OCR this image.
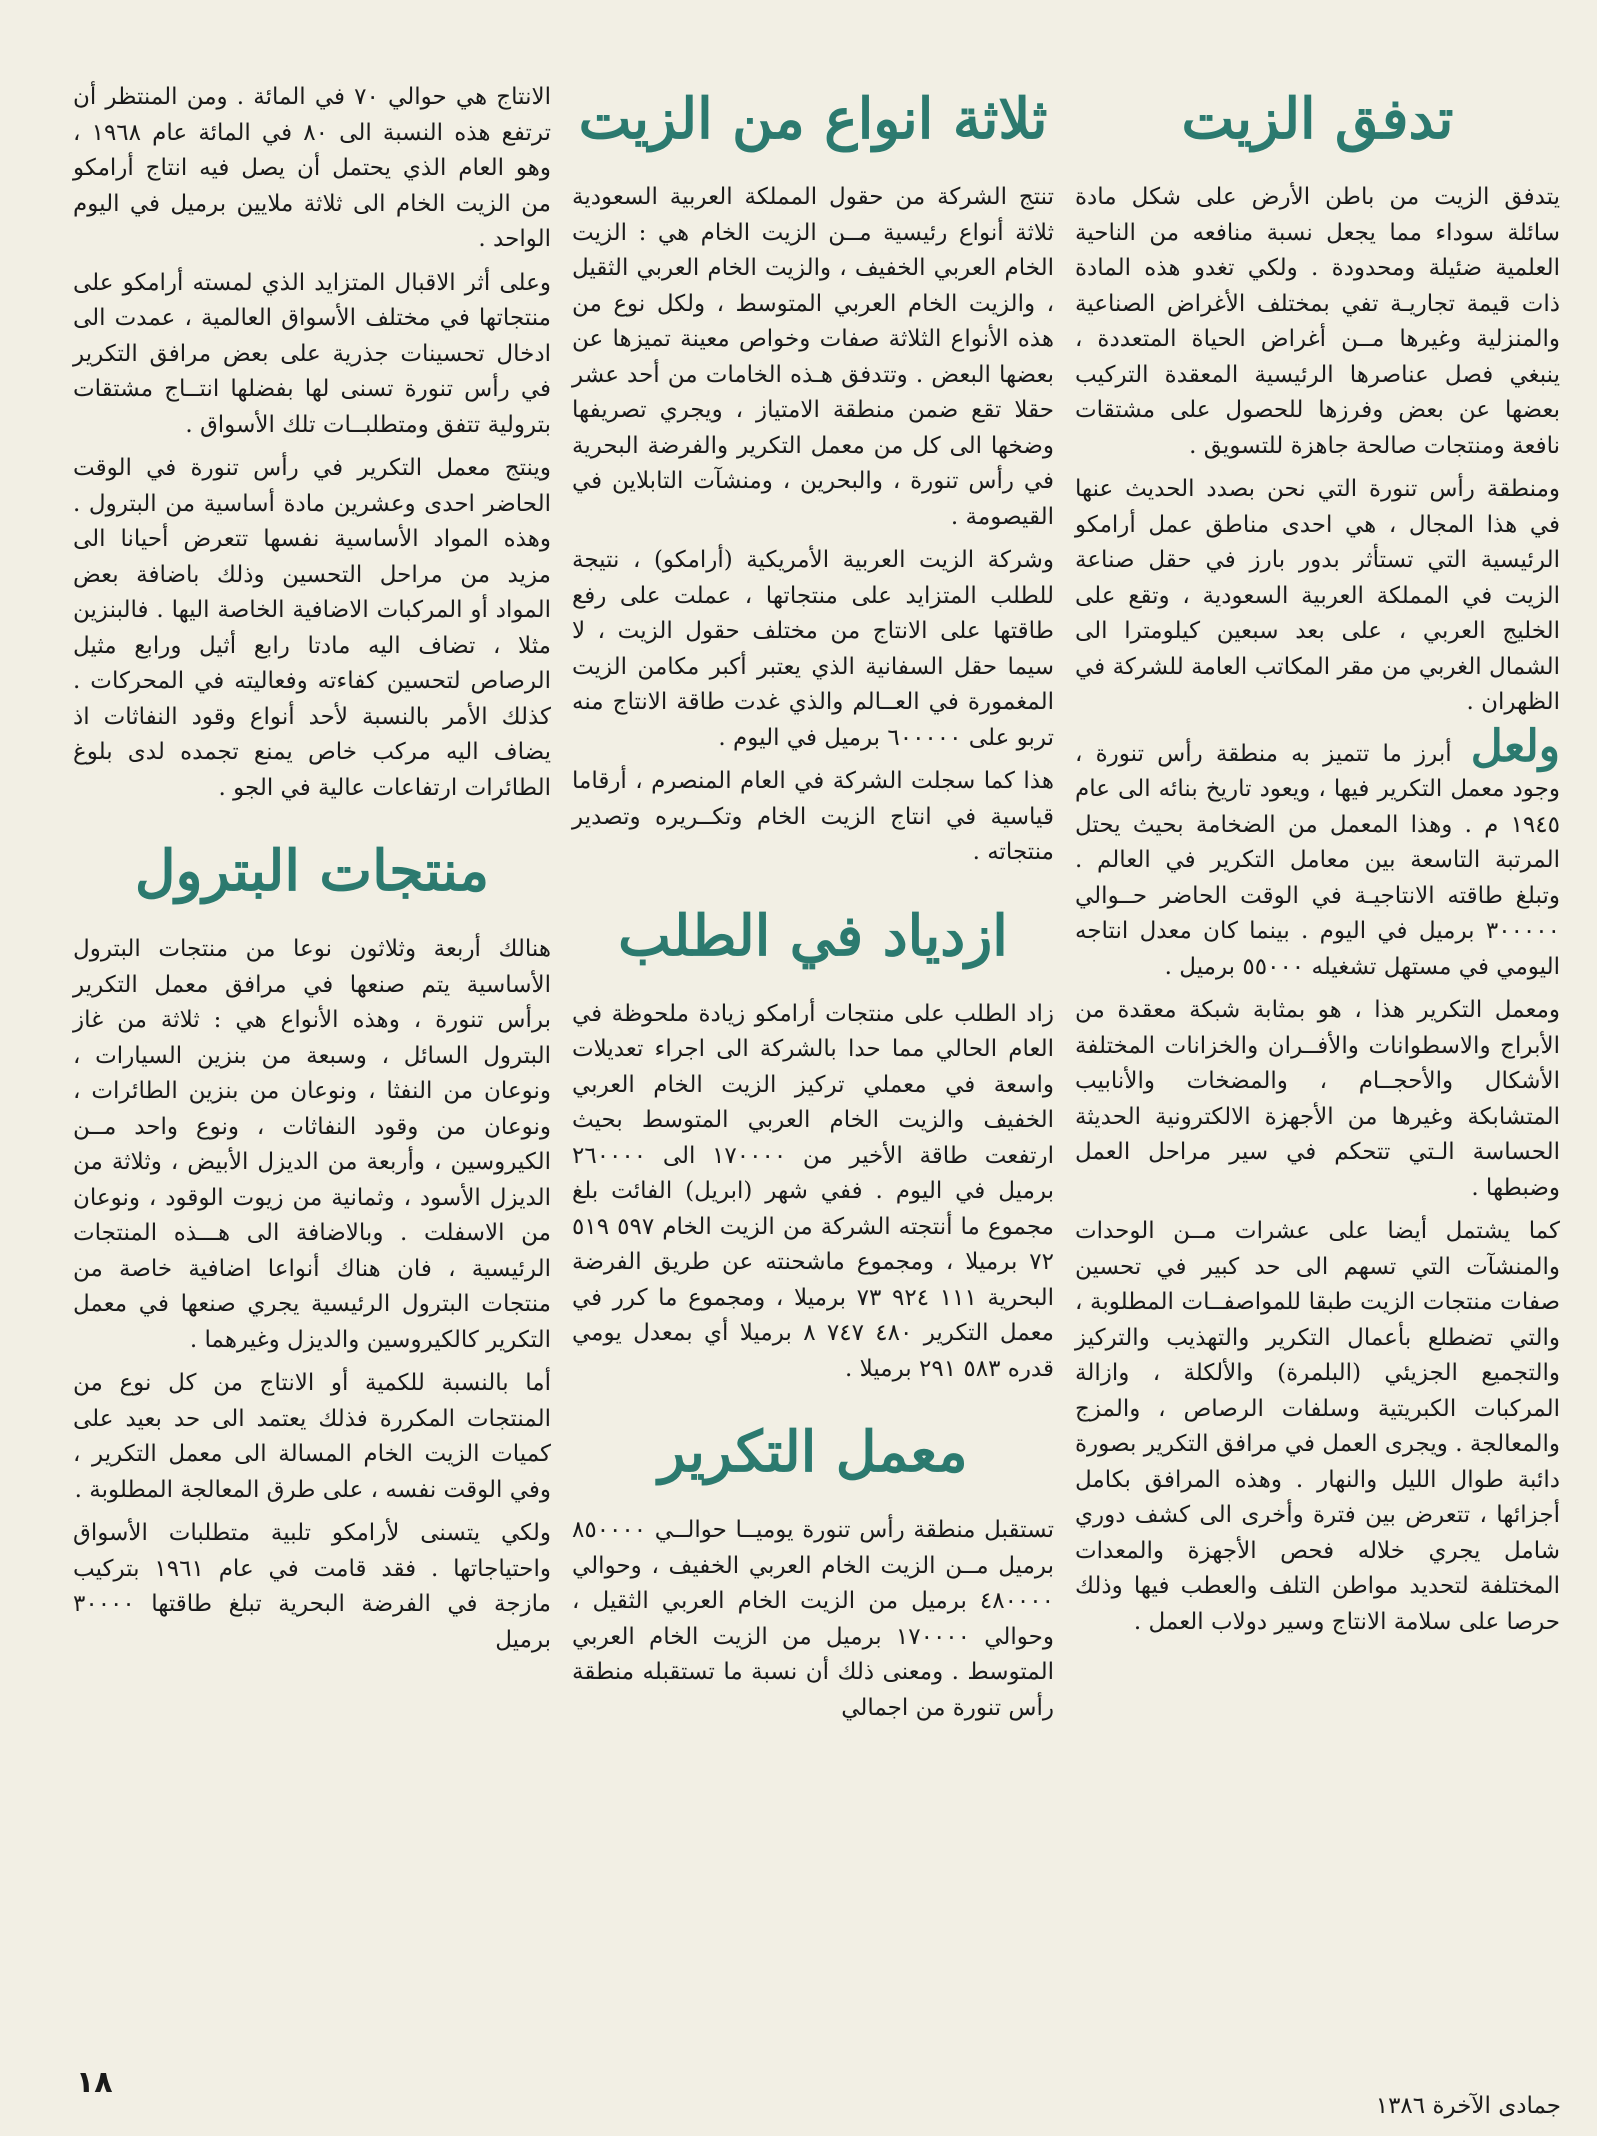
تدفق الزيت

يتدفق الزيت من باطن الأرض على شكل مادة سائلة سوداء مما يجعل نسبة منافعه من الناحية العلمية ضئيلة ومحدودة . ولكي تغدو هذه المادة ذات قيمة تجاريـة تفي بمختلف الأغراض الصناعية والمنزلية وغيرها مــن أغراض الحياة المتعددة ، ينبغي فصل عناصرها الرئيسية المعقدة التركيب بعضها عن بعض وفرزها للحصول على مشتقات نافعة ومنتجات صالحة جاهزة للتسويق .

ومنطقة رأس تنورة التي نحن بصدد الحديث عنها في هذا المجال ، هي احدى مناطق عمل أرامكو الرئيسية التي تستأثر بدور بارز في حقل صناعة الزيت في المملكة العربية السعودية ، وتقع على الخليج العربي ، على بعد سبعين كيلومترا الى الشمال الغربي من مقر المكاتب العامة للشركة في الظهران .

ولعل أبرز ما تتميز به منطقة رأس تنورة ، وجود معمل التكرير فيها ، ويعود تاريخ بنائه الى عام ١٩٤٥ م . وهذا المعمل من الضخامة بحيث يحتل المرتبة التاسعة بين معامل التكرير في العالم . وتبلغ طاقته الانتاجيـة في الوقت الحاضر حــوالي ٣٠٠٠٠٠ برميل في اليوم . بينما كان معدل انتاجه اليومي في مستهل تشغيله ٥٥٠٠٠ برميل .

ومعمل التكرير هذا ، هو بمثابة شبكة معقدة من الأبراج والاسطوانات والأفــران والخزانات المختلفة الأشكال والأحجــام ، والمضخات والأنابيب المتشابكة وغيرها من الأجهزة الالكترونية الحديثة الحساسة الـتي تتحكم في سير مراحل العمل وضبطها .

كما يشتمل أيضا على عشرات مــن الوحدات والمنشآت التي تسهم الى حد كبير في تحسين صفات منتجات الزيت طبقا للمواصفــات المطلوبة ، والتي تضطلع بأعمال التكرير والتهذيب والتركيز والتجميع الجزيئي (البلمرة) والألكلة ، وازالة المركبات الكبريتية وسلفات الرصاص ، والمزج والمعالجة . ويجرى العمل في مرافق التكرير بصورة دائبة طوال الليل والنهار . وهذه المرافق بكامل أجزائها ، تتعرض بين فترة وأخرى الى كشف دوري شامل يجري خلاله فحص الأجهزة والمعدات المختلفة لتحديد مواطن التلف والعطب فيها وذلك حرصا على سلامة الانتاج وسير دولاب العمل .

ثلاثة انواع من الزيت

تنتج الشركة من حقول المملكة العربية السعودية ثلاثة أنواع رئيسية مــن الزيت الخام هي : الزيت الخام العربي الخفيف ، والزيت الخام العربي الثقيل ، والزيت الخام العربي المتوسط ، ولكل نوع من هذه الأنواع الثلاثة صفات وخواص معينة تميزها عن بعضها البعض . وتتدفق هـذه الخامات من أحد عشر حقلا تقع ضمن منطقة الامتياز ، ويجري تصريفها وضخها الى كل من معمل التكرير والفرضة البحرية في رأس تنورة ، والبحرين ، ومنشآت التابلاين في القيصومة .

وشركة الزيت العربية الأمريكية (أرامكو) ، نتيجة للطلب المتزايد على منتجاتها ، عملت على رفع طاقتها على الانتاج من مختلف حقول الزيت ، لا سيما حقل السفانية الذي يعتبر أكبر مكامن الزيت المغمورة في العــالم والذي غدت طاقة الانتاج منه تربو على ٦٠٠٠٠٠ برميل في اليوم .

هذا كما سجلت الشركة في العام المنصرم ، أرقاما قياسية في انتاج الزيت الخام وتكــريره وتصدير منتجاته .

ازدياد في الطلب

زاد الطلب على منتجات أرامكو زيادة ملحوظة في العام الحالي مما حدا بالشركة الى اجراء تعديلات واسعة في معملي تركيز الزيت الخام العربي الخفيف والزيت الخام العربي المتوسط بحيث ارتفعت طاقة الأخير من ١٧٠٠٠٠ الى ٢٦٠٠٠٠ برميل في اليوم . ففي شهر (ابريل) الفائت بلغ مجموع ما أنتجته الشركة من الزيت الخام ٥٩٧ ٥١٩ ٧٢ برميلا ، ومجموع ماشحنته عن طريق الفرضة البحرية ١١١ ٩٢٤ ٧٣ برميلا ، ومجموع ما كرر في معمل التكرير ٤٨٠ ٧٤٧ ٨ برميلا أي بمعدل يومي قدره ٥٨٣ ٢٩١ برميلا .

معمل التكرير

تستقبل منطقة رأس تنورة يوميــا حوالــي ٨٥٠٠٠٠ برميل مــن الزيت الخام العربي الخفيف ، وحوالي ٤٨٠٠٠٠ برميل من الزيت الخام العربي الثقيل ، وحوالي ١٧٠٠٠٠ برميل من الزيت الخام العربي المتوسط . ومعنى ذلك أن نسبة ما تستقبله منطقة رأس تنورة من اجمالي

الانتاج هي حوالي ٧٠ في المائة . ومن المنتظر أن ترتفع هذه النسبة الى ٨٠ في المائة عام ١٩٦٨ ، وهو العام الذي يحتمل أن يصل فيه انتاج أرامكو من الزيت الخام الى ثلاثة ملايين برميل في اليوم الواحد .

وعلى أثر الاقبال المتزايد الذي لمسته أرامكو على منتجاتها في مختلف الأسواق العالمية ، عمدت الى ادخال تحسينات جذرية على بعض مرافق التكرير في رأس تنورة تسنى لها بفضلها انتــاج مشتقات بترولية تتفق ومتطلبــات تلك الأسواق .

وينتج معمل التكرير في رأس تنورة في الوقت الحاضر احدى وعشرين مادة أساسية من البترول . وهذه المواد الأساسية نفسها تتعرض أحيانا الى مزيد من مراحل التحسين وذلك باضافة بعض المواد أو المركبات الاضافية الخاصة اليها . فالبنزين مثلا ، تضاف اليه مادتا رابع أثيل ورابع مثيل الرصاص لتحسين كفاءته وفعاليته في المحركات . كذلك الأمر بالنسبة لأحد أنواع وقود النفاثات اذ يضاف اليه مركب خاص يمنع تجمده لدى بلوغ الطائرات ارتفاعات عالية في الجو .

منتجات البترول

هنالك أربعة وثلاثون نوعا من منتجات البترول الأساسية يتم صنعها في مرافق معمل التكرير برأس تنورة ، وهذه الأنواع هي : ثلاثة من غاز البترول السائل ، وسبعة من بنزين السيارات ، ونوعان من النفثا ، ونوعان من بنزين الطائرات ، ونوعان من وقود النفاثات ، ونوع واحد مــن الكيروسين ، وأربعة من الديزل الأبيض ، وثلاثة من الديزل الأسود ، وثمانية من زيوت الوقود ، ونوعان من الاسفلت . وبالاضافة الى هـــذه المنتجات الرئيسية ، فان هناك أنواعا اضافية خاصة من منتجات البترول الرئيسية يجري صنعها في معمل التكرير كالكيروسين والديزل وغيرهما .

أما بالنسبة للكمية أو الانتاج من كل نوع من المنتجات المكررة فذلك يعتمد الى حد بعيد على كميات الزيت الخام المسالة الى معمل التكرير ، وفي الوقت نفسه ، على طرق المعالجة المطلوبة .

ولكي يتسنى لأرامكو تلبية متطلبات الأسواق واحتياجاتها . فقد قامت في عام ١٩٦١ بتركيب مازجة في الفرضة البحرية تبلغ طاقتها ٣٠٠٠٠ برميل

١٨
جمادى الآخرة ١٣٨٦
